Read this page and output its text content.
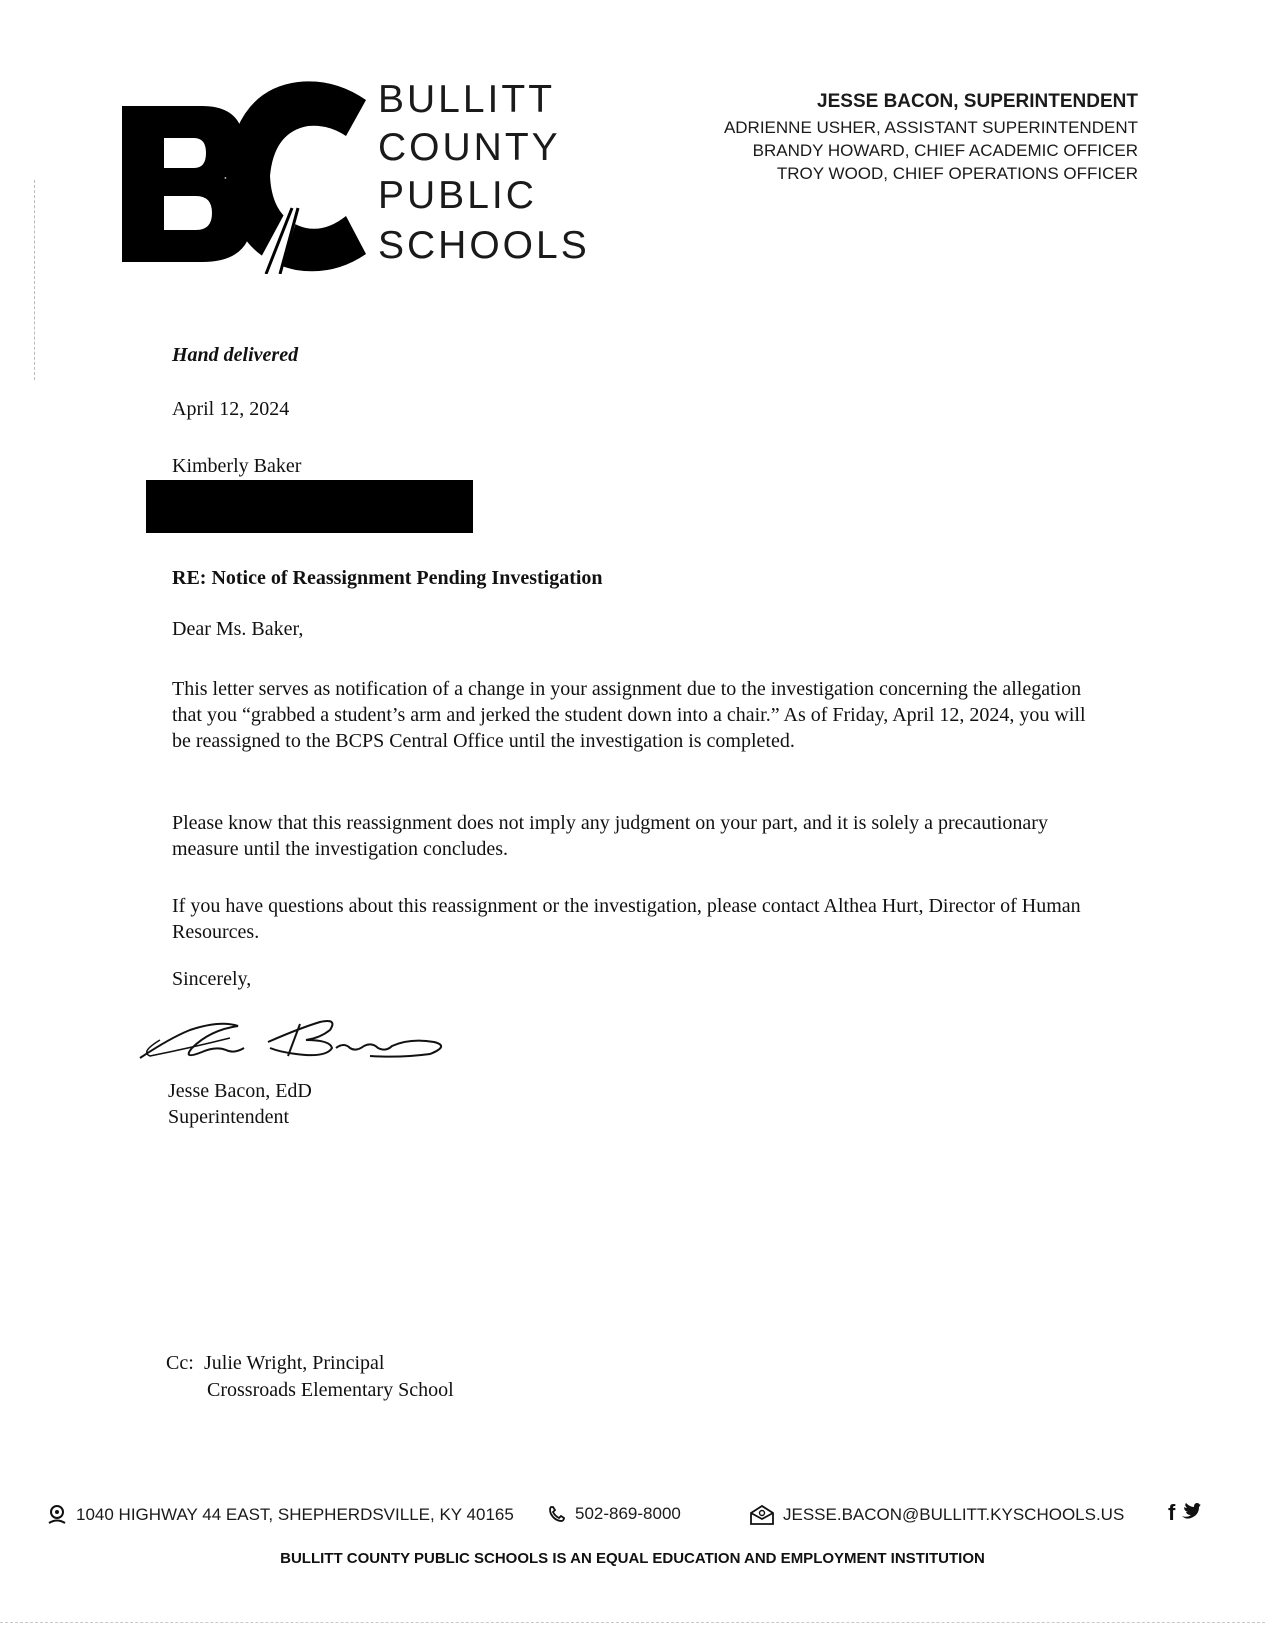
BULLITT
COUNTY
PUBLIC
SCHOOLS
JESSE BACON, SUPERINTENDENT
ADRIENNE USHER, ASSISTANT SUPERINTENDENT
BRANDY HOWARD, CHIEF ACADEMIC OFFICER
TROY WOOD, CHIEF OPERATIONS OFFICER
Hand delivered
April 12, 2024
Kimberly Baker
RE: Notice of Reassignment Pending Investigation
Dear Ms. Baker,
This letter serves as notification of a change in your assignment due to the investigation concerning the allegation that you “grabbed a student’s arm and jerked the student down into a chair.” As of Friday, April 12, 2024, you will be reassigned to the BCPS Central Office until the investigation is completed.
Please know that this reassignment does not imply any judgment on your part, and it is solely a precautionary measure until the investigation concludes.
If you have questions about this reassignment or the investigation, please contact Althea Hurt, Director of Human Resources.
Sincerely,
Jesse Bacon, EdD
Superintendent
Cc: Julie Wright, Principal
Crossroads Elementary School
1040 HIGHWAY 44 EAST, SHEPHERDSVILLE, KY 40165	502-869-8000	JESSE.BACON@BULLITT.KYSCHOOLS.US f
BULLITT COUNTY PUBLIC SCHOOLS IS AN EQUAL EDUCATION AND EMPLOYMENT INSTITUTION
